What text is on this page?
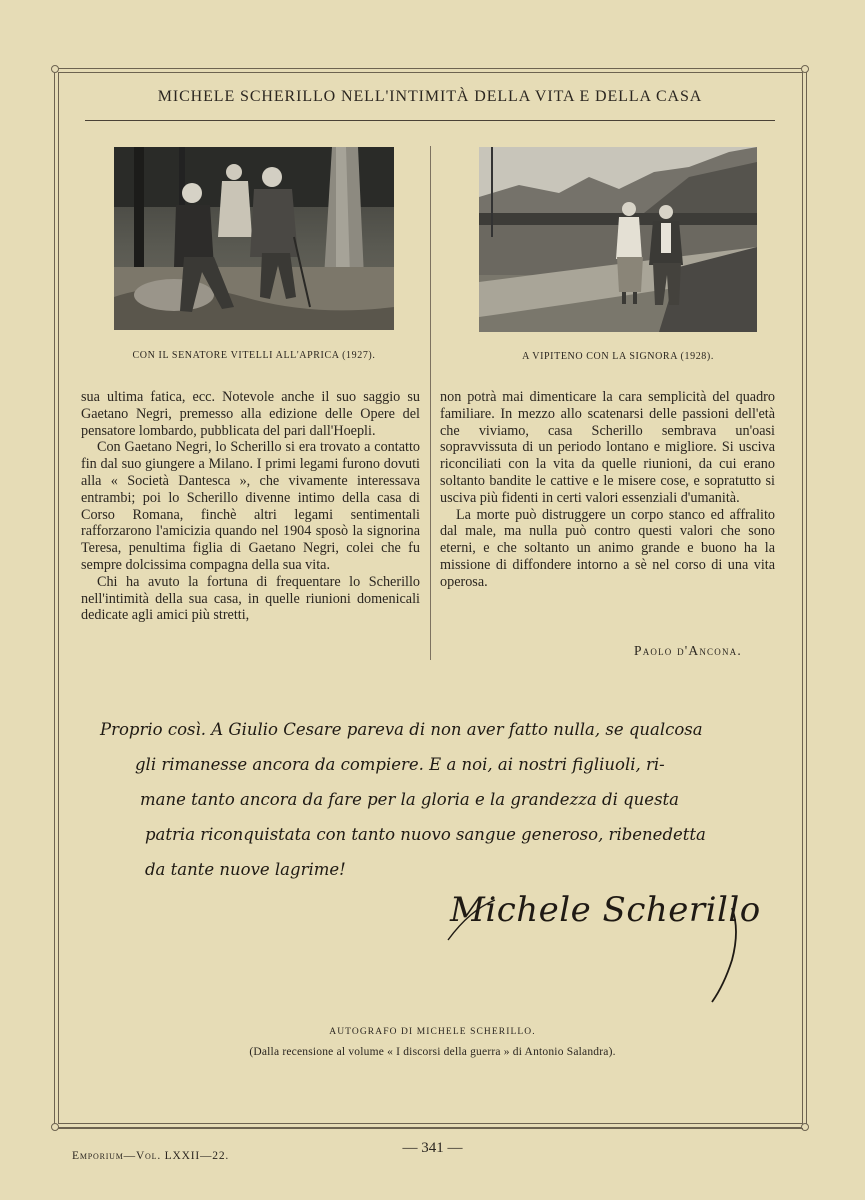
MICHELE SCHERILLO NELL'INTIMITÀ DELLA VITA E DELLA CASA
CON IL SENATORE VITELLI ALL'APRICA (1927).	A VIPITENO CON LA SIGNORA (1928).

sua ultima fatica, ecc. Notevole anche il suo saggio su Gaetano Negri, premesso alla edizione delle Opere del pensatore lombardo, pubblicata del pari dall'Hoepli.

Con Gaetano Negri, lo Scherillo si era trovato a contatto fin dal suo giungere a Milano. I primi legami furono dovuti alla « Società Dantesca », che vivamente interessava entrambi; poi lo Scherillo divenne intimo della casa di Corso Romana, finchè altri legami sentimentali rafforzarono l'amicizia quando nel 1904 sposò la signorina Teresa, penultima figlia di Gaetano Negri, colei che fu sempre dolcissima compagna della sua vita.

Chi ha avuto la fortuna di frequentare lo Scherillo nell'intimità della sua casa, in quelle riunioni domenicali dedicate agli amici più stretti,

non potrà mai dimenticare la cara semplicità del quadro familiare. In mezzo allo scatenarsi delle passioni dell'età che viviamo, casa Scherillo sembrava un'oasi sopravvissuta di un periodo lontano e migliore. Si usciva riconciliati con la vita da quelle riunioni, da cui erano soltanto bandite le cattive e le misere cose, e sopratutto si usciva più fidenti in certi valori essenziali d'umanità.

La morte può distruggere un corpo stanco ed affralito dal male, ma nulla può contro questi valori che sono eterni, e che soltanto un animo grande e buono ha la missione di diffondere intorno a sè nel corso di una vita operosa.

Paolo d'Ancona.
Proprio così. A Giulio Cesare pareva di non aver fatto nulla, se qualcosa
gli rimanesse ancora da compiere. E a noi, ai nostri figliuoli, ri-
mane tanto ancora da fare per la gloria e la grandezza di questa
patria riconquistata con tanto nuovo sangue generoso, ribenedetta
da tante nuove lagrime!
Michele Scherillo
AUTOGRAFO DI MICHELE SCHERILLO.
(Dalla recensione al volume « I discorsi della guerra » di Antonio Salandra).
Emporium—Vol. LXXII—22.	— 341 —
